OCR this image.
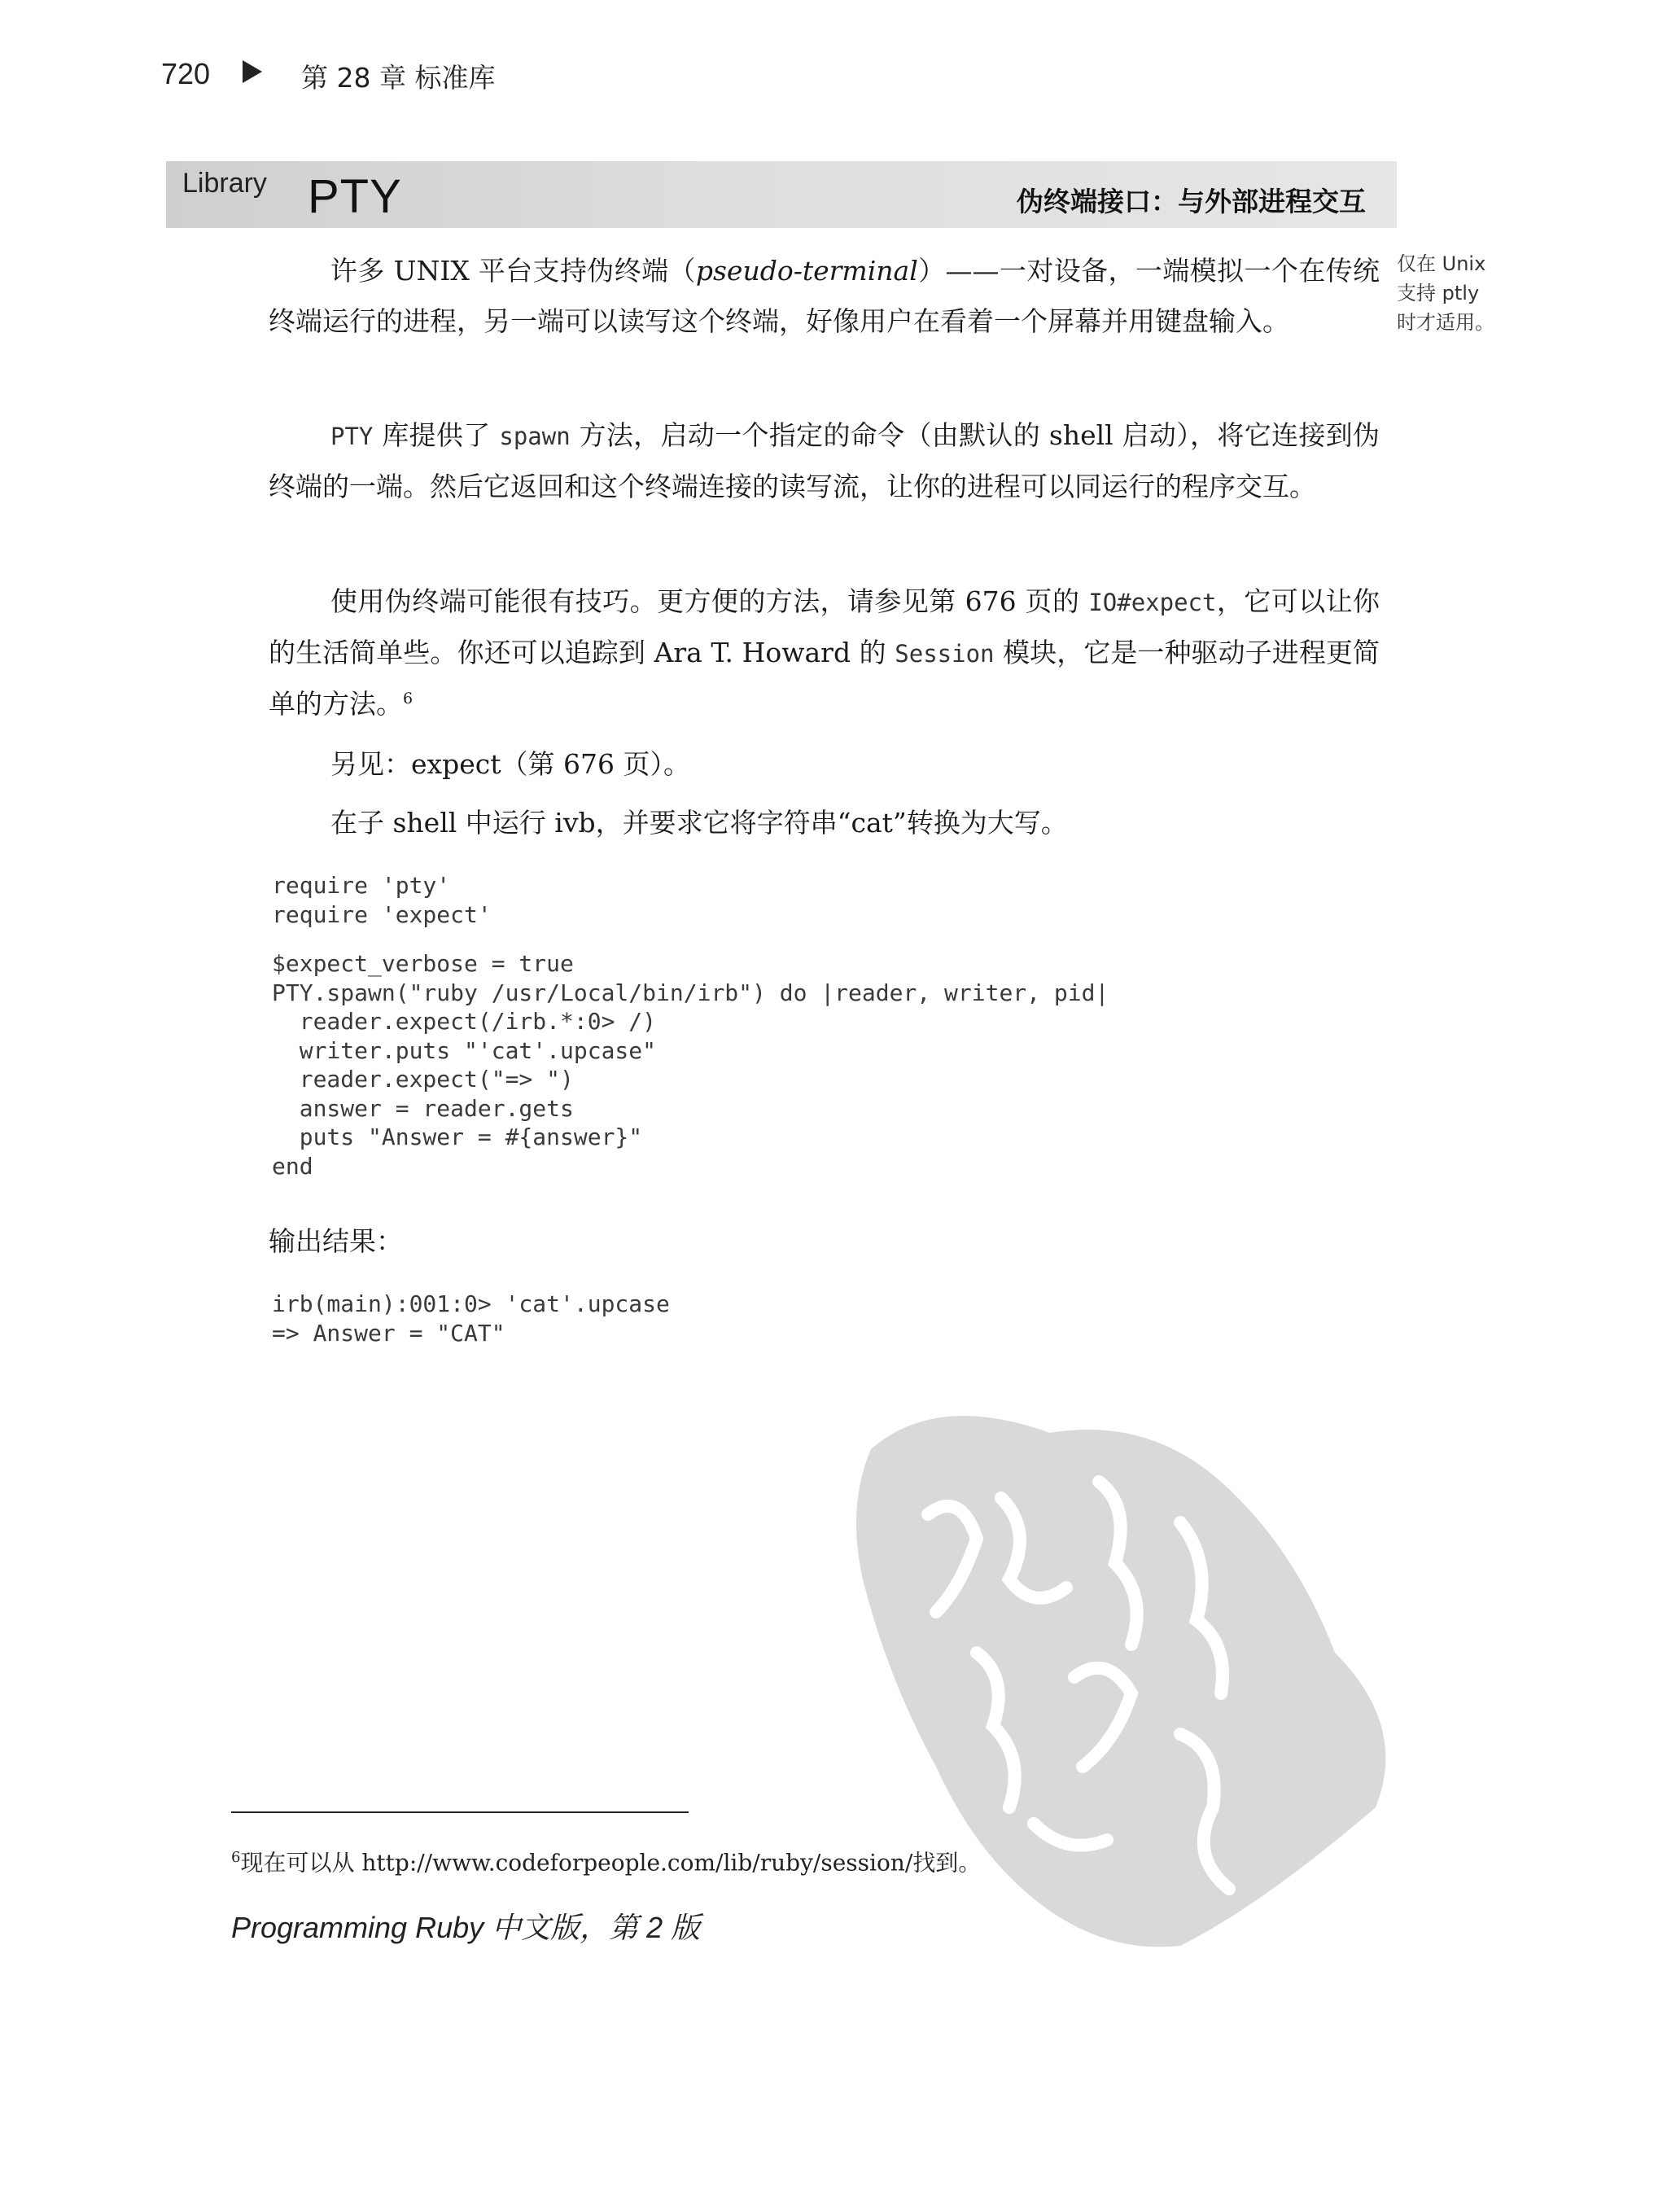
720	第 28 章 标准库
Library PTY	伪终端接口：与外部进程交互
仅在 Unix
支持 ptly
时才适用。
许多 UNIX 平台支持伪终端（pseudo-terminal）——一对设备，一端模拟一个在传统终端运行的进程，另一端可以读写这个终端，好像用户在看着一个屏幕并用键盘输入。
PTY 库提供了 spawn 方法，启动一个指定的命令（由默认的 shell 启动），将它连接到伪终端的一端。然后它返回和这个终端连接的读写流，让你的进程可以同运行的程序交互。
使用伪终端可能很有技巧。更方便的方法，请参见第 676 页的 IO#expect，它可以让你的生活简单些。你还可以追踪到 Ara T. Howard 的 Session 模块，它是一种驱动子进程更简单的方法。$^6$
另见：expect（第 676 页）。
在子 shell 中运行 ivb，并要求它将字符串“cat”转换为大写。
require 'pty'
require 'expect'
$expect_verbose = true
PTY.spawn("ruby /usr/Local/bin/irb") do |reader, writer, pid|
reader.expect(/irb.*:0> /)
writer.puts "'cat'.upcase"
reader.expect("=> ")
answer = reader.gets
puts "Answer = #{answer}"
end
输出结果：
irb(main):001:0> 'cat'.upcase
=> Answer = "CAT"
$^6$现在可以从 http://www.codeforpeople.com/lib/ruby/session/找到。
Programming Ruby 中文版，第 2 版
